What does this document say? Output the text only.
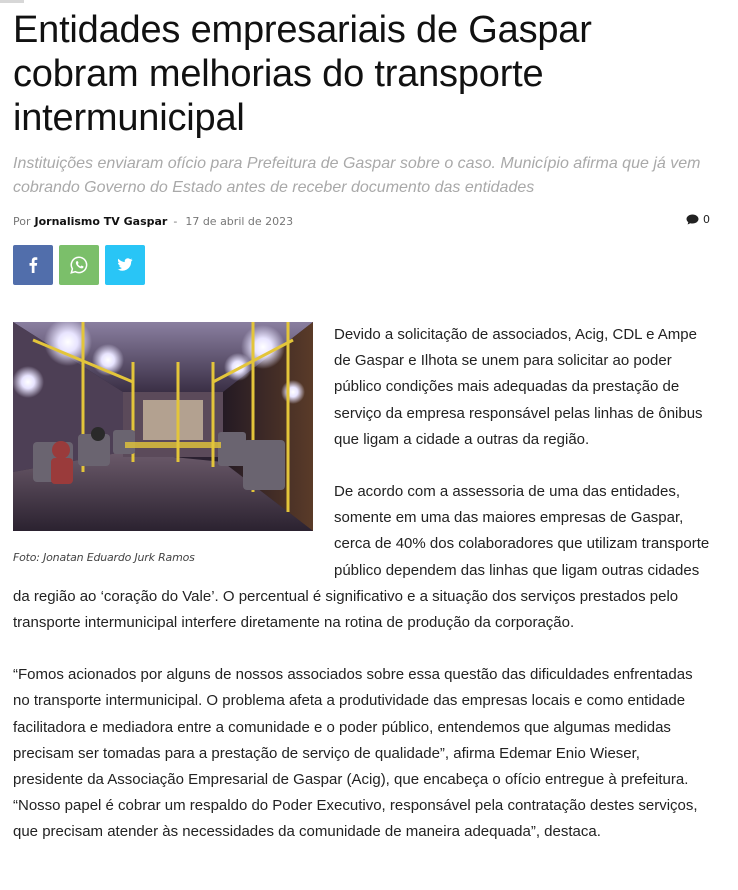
Entidades empresariais de Gaspar cobram melhorias do transporte intermunicipal
Instituições enviaram ofício para Prefeitura de Gaspar sobre o caso. Município afirma que já vem cobrando Governo do Estado antes de receber documento das entidades
Por Jornalismo TV Gaspar - 17 de abril de 2023	0
Foto: Jonatan Eduardo Jurk Ramos

Devido a solicitação de associados, Acig, CDL e Ampe de Gaspar e Ilhota se unem para solicitar ao poder público condições mais adequadas da prestação de serviço da empresa responsável pelas linhas de ônibus que ligam a cidade a outras da região.

De acordo com a assessoria de uma das entidades, somente em uma das maiores empresas de Gaspar, cerca de 40% dos colaboradores que utilizam transporte público dependem das linhas que ligam outras cidades da região ao ‘coração do Vale’. O percentual é significativo e a situação dos serviços prestados pelo transporte intermunicipal interfere diretamente na rotina de produção da corporação.

“Fomos acionados por alguns de nossos associados sobre essa questão das dificuldades enfrentadas no transporte intermunicipal. O problema afeta a produtividade das empresas locais e como entidade facilitadora e mediadora entre a comunidade e o poder público, entendemos que algumas medidas precisam ser tomadas para a prestação de serviço de qualidade”, afirma Edemar Enio Wieser, presidente da Associação Empresarial de Gaspar (Acig), que encabeça o ofício entregue à prefeitura. “Nosso papel é cobrar um respaldo do Poder Executivo, responsável pela contratação destes serviços, que precisam atender às necessidades da comunidade de maneira adequada”, destaca.
